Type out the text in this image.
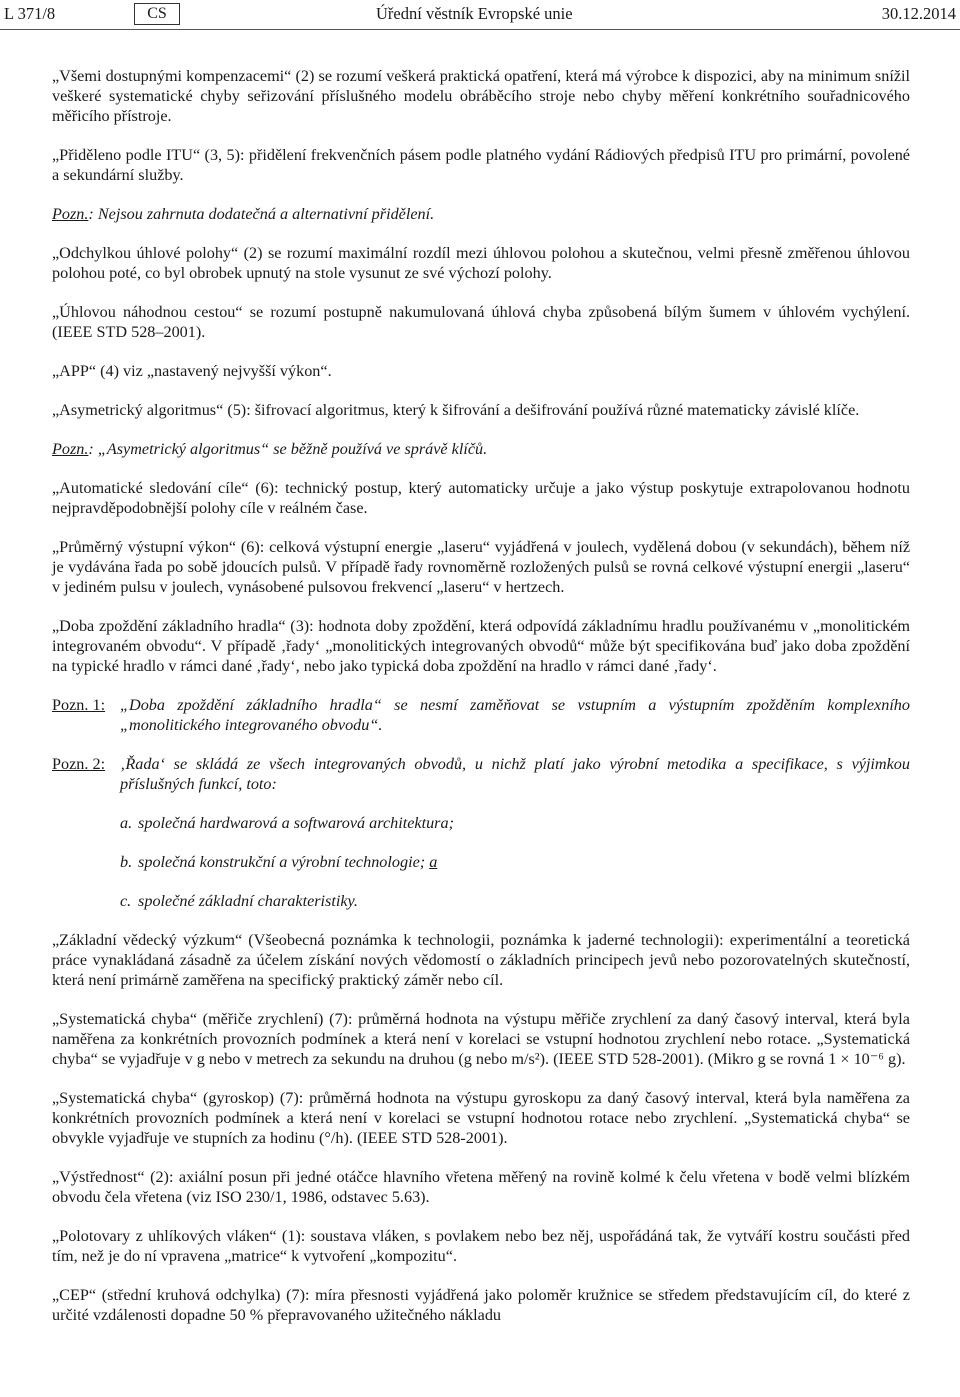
L 371/8	CS	Úřední věstník Evropské unie	30.12.2014

„Všemi dostupnými kompenzacemi“ (2) se rozumí veškerá praktická opatření, která má výrobce k dispozici, aby na minimum snížil veškeré systematické chyby seřizování příslušného modelu obráběcího stroje nebo chyby měření konkrétního souřadnicového měřicího přístroje.

„Přiděleno podle ITU“ (3, 5): přidělení frekvenčních pásem podle platného vydání Rádiových předpisů ITU pro primární, povolené a sekundární služby.

Pozn.: Nejsou zahrnuta dodatečná a alternativní přidělení.

„Odchylkou úhlové polohy“ (2) se rozumí maximální rozdíl mezi úhlovou polohou a skutečnou, velmi přesně změřenou úhlovou polohou poté, co byl obrobek upnutý na stole vysunut ze své výchozí polohy.

„Úhlovou náhodnou cestou“ se rozumí postupně nakumulovaná úhlová chyba způsobená bílým šumem v úhlovém vychýlení. (IEEE STD 528–2001).

„APP“ (4) viz „nastavený nejvyšší výkon“.

„Asymetrický algoritmus“ (5): šifrovací algoritmus, který k šifrování a dešifrování používá různé matematicky závislé klíče.

Pozn.: „Asymetrický algoritmus“ se běžně používá ve správě klíčů.

„Automatické sledování cíle“ (6): technický postup, který automaticky určuje a jako výstup poskytuje extrapolovanou hodnotu nejpravděpodobnější polohy cíle v reálném čase.

„Průměrný výstupní výkon“ (6): celková výstupní energie „laseru“ vyjádřená v joulech, vydělená dobou (v sekundách), během níž je vydávána řada po sobě jdoucích pulsů. V případě řady rovnoměrně rozložených pulsů se rovná celkové výstupní energii „laseru“ v jediném pulsu v joulech, vynásobené pulsovou frekvencí „laseru“ v hertzech.

„Doba zpoždění základního hradla“ (3): hodnota doby zpoždění, která odpovídá základnímu hradlu používanému v „monolitickém integrovaném obvodu“. V případě ‚řady‘ „monolitických integrovaných obvodů“ může být specifikována buď jako doba zpoždění na typické hradlo v rámci dané ‚řady‘, nebo jako typická doba zpoždění na hradlo v rámci dané ‚řady‘.

Pozn. 1: „Doba zpoždění základního hradla“ se nesmí zaměňovat se vstupním a výstupním zpožděním komplexního „monolitického integrovaného obvodu“.
Pozn. 2: ‚Řada‘ se skládá ze všech integrovaných obvodů, u nichž platí jako výrobní metodika a specifikace, s výjimkou příslušných funkcí, toto:
a. společná hardwarová a softwarová architektura;
b. společná konstrukční a výrobní technologie; a
c. společné základní charakteristiky.

„Základní vědecký výzkum“ (Všeobecná poznámka k technologii, poznámka k jaderné technologii): experimentální a teoretická práce vynakládaná zásadně za účelem získání nových vědomostí o základních principech jevů nebo pozorovatelných skutečností, která není primárně zaměřena na specifický praktický záměr nebo cíl.

„Systematická chyba“ (měřiče zrychlení) (7): průměrná hodnota na výstupu měřiče zrychlení za daný časový interval, která byla naměřena za konkrétních provozních podmínek a která není v korelaci se vstupní hodnotou zrychlení nebo rotace. „Systematická chyba“ se vyjadřuje v g nebo v metrech za sekundu na druhou (g nebo m/s²). (IEEE STD 528-2001). (Mikro g se rovná 1 × 10⁻⁶ g).

„Systematická chyba“ (gyroskop) (7): průměrná hodnota na výstupu gyroskopu za daný časový interval, která byla naměřena za konkrétních provozních podmínek a která není v korelaci se vstupní hodnotou rotace nebo zrychlení. „Systematická chyba“ se obvykle vyjadřuje ve stupních za hodinu (°/h). (IEEE STD 528-2001).

„Výstřednost“ (2): axiální posun při jedné otáčce hlavního vřetena měřený na rovině kolmé k čelu vřetena v bodě velmi blízkém obvodu čela vřetena (viz ISO 230/1, 1986, odstavec 5.63).

„Polotovary z uhlíkových vláken“ (1): soustava vláken, s povlakem nebo bez něj, uspořádáná tak, že vytváří kostru součásti před tím, než je do ní vpravena „matrice“ k vytvoření „kompozitu“.

„CEP“ (střední kruhová odchylka) (7): míra přesnosti vyjádřená jako poloměr kružnice se středem představujícím cíl, do které z určité vzdálenosti dopadne 50 % přepravovaného užitečného nákladu
